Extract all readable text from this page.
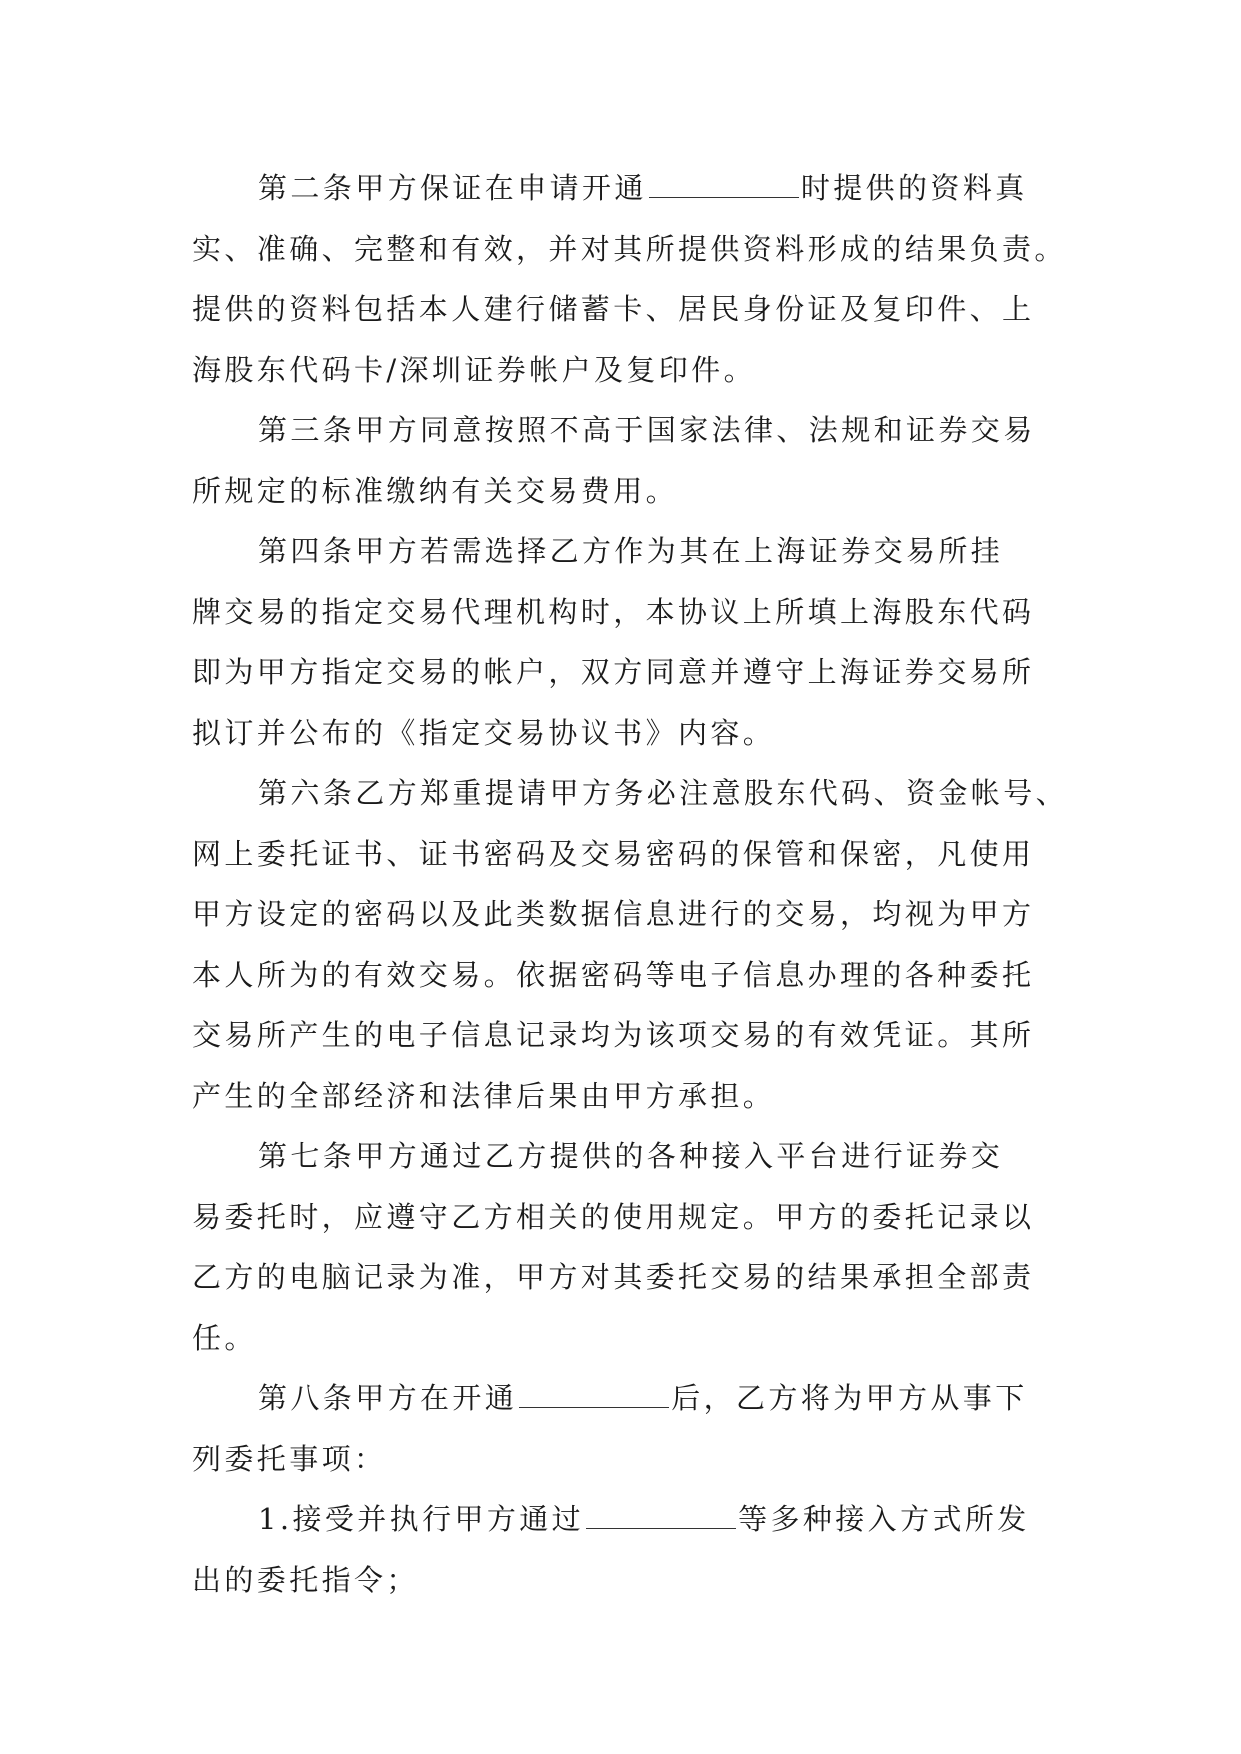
第二条甲方保证在申请开通	时提供的资料真
实、准确、完整和有效，并对其所提供资料形成的结果负责。
提供的资料包括本人建行储蓄卡、居民身份证及复印件、上
海股东代码卡/深圳证券帐户及复印件。
第三条甲方同意按照不高于国家法律、法规和证券交易
所规定的标准缴纳有关交易费用。
第四条甲方若需选择乙方作为其在上海证券交易所挂
牌交易的指定交易代理机构时，本协议上所填上海股东代码
即为甲方指定交易的帐户，双方同意并遵守上海证券交易所
拟订并公布的《指定交易协议书》内容。
第六条乙方郑重提请甲方务必注意股东代码、资金帐号、
网上委托证书、证书密码及交易密码的保管和保密，凡使用
甲方设定的密码以及此类数据信息进行的交易，均视为甲方
本人所为的有效交易。依据密码等电子信息办理的各种委托
交易所产生的电子信息记录均为该项交易的有效凭证。其所
产生的全部经济和法律后果由甲方承担。
第七条甲方通过乙方提供的各种接入平台进行证券交
易委托时，应遵守乙方相关的使用规定。甲方的委托记录以
乙方的电脑记录为准，甲方对其委托交易的结果承担全部责
任。
第八条甲方在开通	后，乙方将为甲方从事下
列委托事项：
1.接受并执行甲方通过	等多种接入方式所发
出的委托指令；
